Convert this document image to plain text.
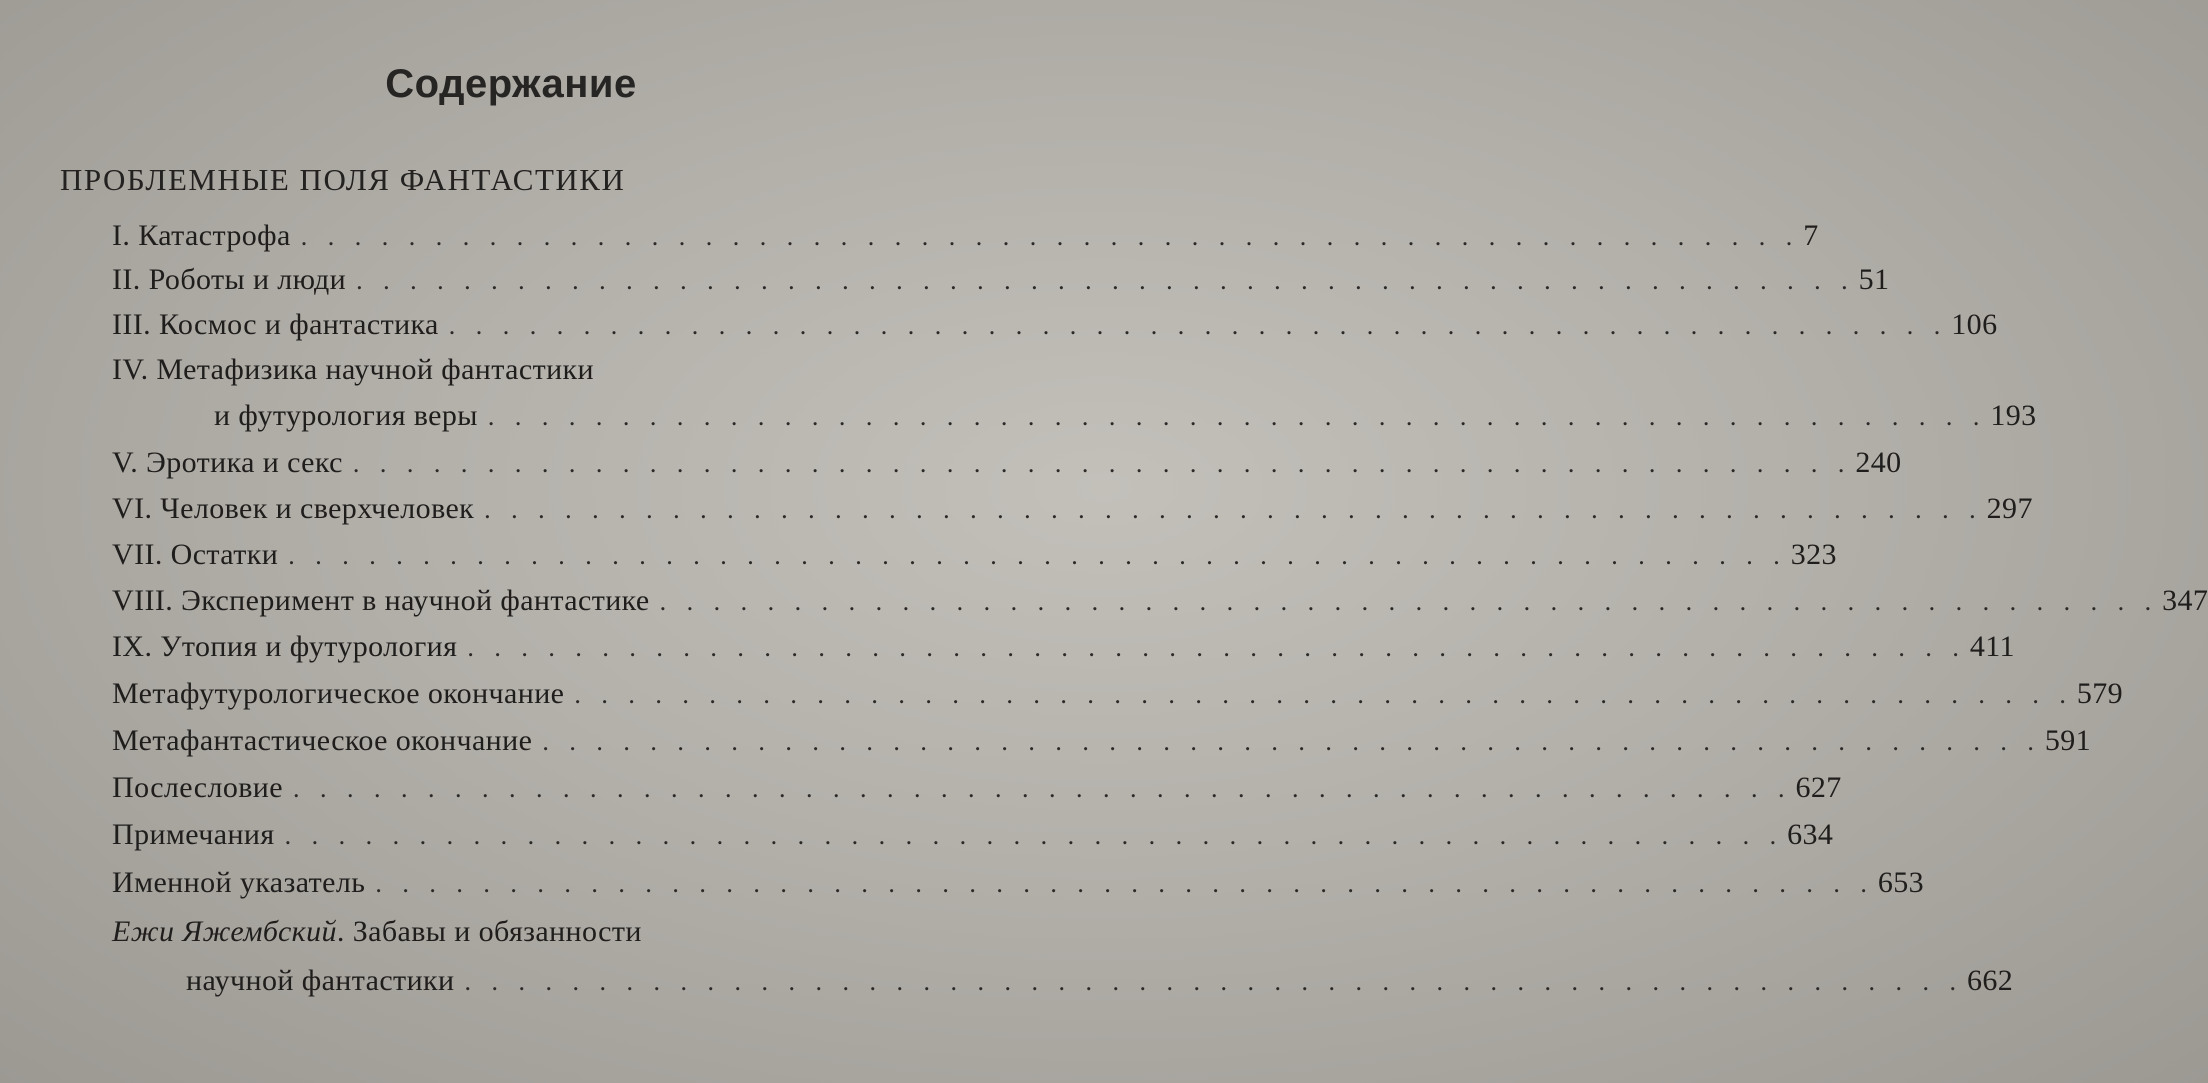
Содержание
ПРОБЛЕМНЫЕ ПОЛЯ ФАНТАСТИКИ
I. Катастрофа . . . . . . . . . . . . . . . . . . . . . . . . . . . . . . . . . . . . . . . . . . . . . . . . . . . . . . . . 7
II. Роботы и люди . . . . . . . . . . . . . . . . . . . . . . . . . . . . . . . . . . . . . . . . . . . . . . . . . . . . . . . . 51
III. Космос и фантастика . . . . . . . . . . . . . . . . . . . . . . . . . . . . . . . . . . . . . . . . . . . . . . . . . . . . . . . . 106
IV. Метафизика научной фантастики
и футурология веры . . . . . . . . . . . . . . . . . . . . . . . . . . . . . . . . . . . . . . . . . . . . . . . . . . . . . . . . 193
V. Эротика и секс . . . . . . . . . . . . . . . . . . . . . . . . . . . . . . . . . . . . . . . . . . . . . . . . . . . . . . . . 240
VI. Человек и сверхчеловек . . . . . . . . . . . . . . . . . . . . . . . . . . . . . . . . . . . . . . . . . . . . . . . . . . . . . . . . 297
VII. Остатки . . . . . . . . . . . . . . . . . . . . . . . . . . . . . . . . . . . . . . . . . . . . . . . . . . . . . . . . 323
VIII. Эксперимент в научной фантастике . . . . . . . . . . . . . . . . . . . . . . . . . . . . . . . . . . . . . . . . . . . . . . . . . . . . . . . . 347
IX. Утопия и футурология . . . . . . . . . . . . . . . . . . . . . . . . . . . . . . . . . . . . . . . . . . . . . . . . . . . . . . . . 411
Метафутурологическое окончание . . . . . . . . . . . . . . . . . . . . . . . . . . . . . . . . . . . . . . . . . . . . . . . . . . . . . . . . 579
Метафантастическое окончание . . . . . . . . . . . . . . . . . . . . . . . . . . . . . . . . . . . . . . . . . . . . . . . . . . . . . . . . 591
Послесловие . . . . . . . . . . . . . . . . . . . . . . . . . . . . . . . . . . . . . . . . . . . . . . . . . . . . . . . . 627
Примечания . . . . . . . . . . . . . . . . . . . . . . . . . . . . . . . . . . . . . . . . . . . . . . . . . . . . . . . . 634
Именной указатель . . . . . . . . . . . . . . . . . . . . . . . . . . . . . . . . . . . . . . . . . . . . . . . . . . . . . . . . 653
Ежи Яжембский. Забавы и обязанности
научной фантастики . . . . . . . . . . . . . . . . . . . . . . . . . . . . . . . . . . . . . . . . . . . . . . . . . . . . . . . . 662
